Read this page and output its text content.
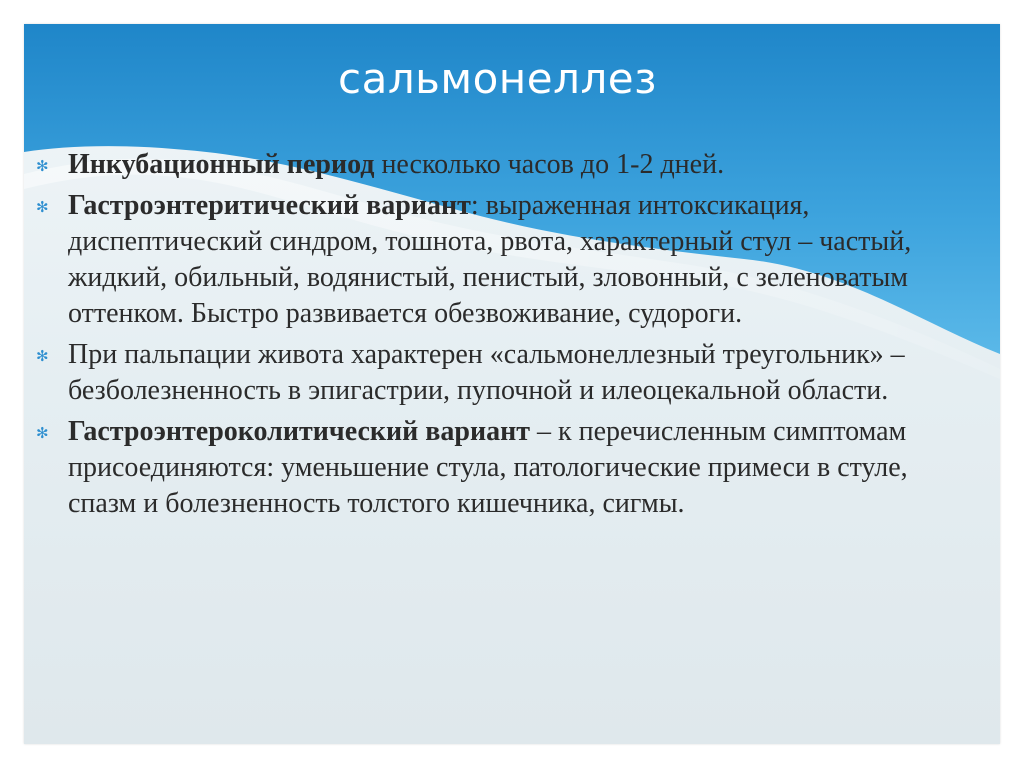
сальмонеллез
✻ Инкубационный период несколько часов до 1-2 дней.
✻ Гастроэнтеритический вариант: выраженная интоксикация, диспептический синдром, тошнота, рвота, характерный стул – частый, жидкий, обильный, водянистый, пенистый, зловонный, с зеленоватым оттенком. Быстро развивается обезвоживание, судороги.
✻ При пальпации живота характерен «сальмонеллезный треугольник» – безболезненность в эпигастрии, пупочной и илеоцекальной области.
✻ Гастроэнтероколитический вариант – к перечисленным симптомам присоединяются: уменьшение стула, патологические примеси в стуле, спазм и болезненность толстого кишечника, сигмы.
